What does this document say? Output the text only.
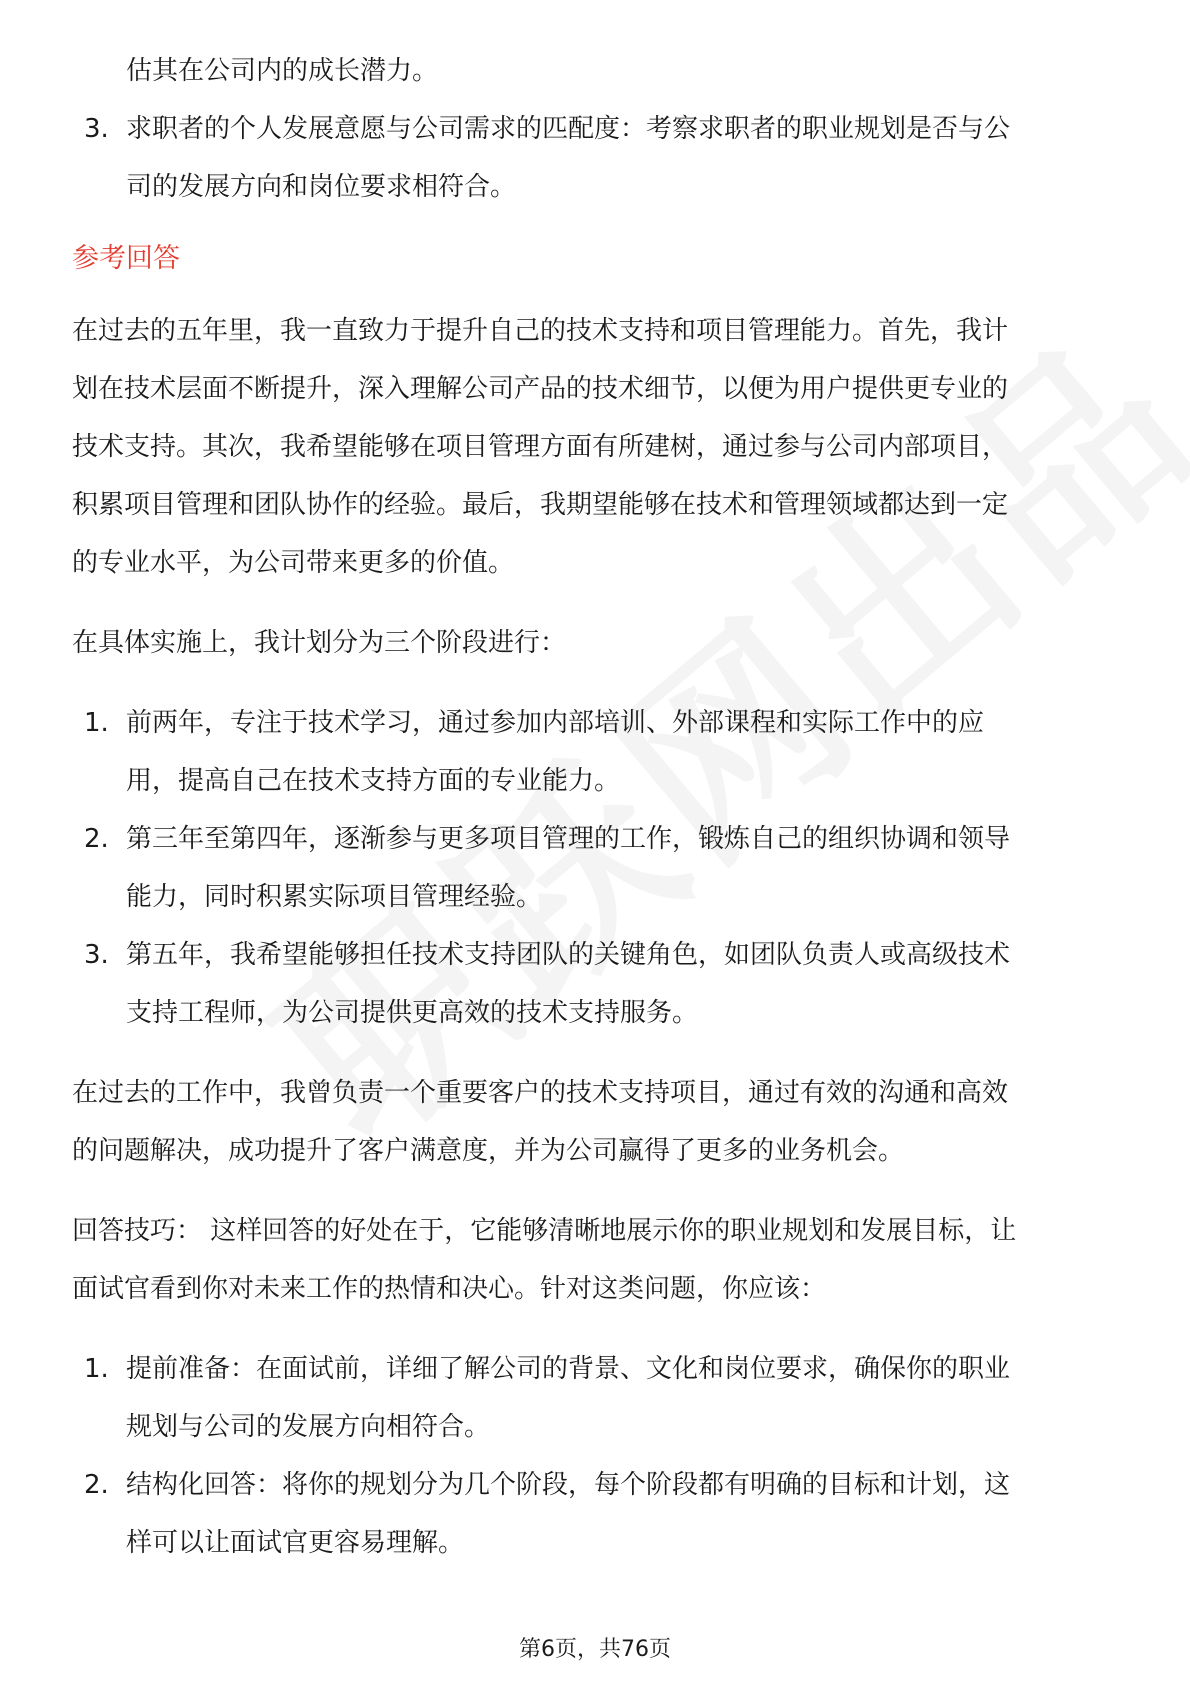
估其在公司内的成长潜力。

3. 求职者的个人发展意愿与公司需求的匹配度：考察求职者的职业规划是否与公

司的发展方向和岗位要求相符合。

参考回答

在过去的五年里，我一直致力于提升自己的技术支持和项目管理能力。首先，我计

划在技术层面不断提升，深入理解公司产品的技术细节，以便为用户提供更专业的

技术支持。其次，我希望能够在项目管理方面有所建树，通过参与公司内部项目，

积累项目管理和团队协作的经验。最后，我期望能够在技术和管理领域都达到一定

的专业水平，为公司带来更多的价值。

在具体实施上，我计划分为三个阶段进行：

1. 前两年，专注于技术学习，通过参加内部培训、外部课程和实际工作中的应

用，提高自己在技术支持方面的专业能力。

2. 第三年至第四年，逐渐参与更多项目管理的工作，锻炼自己的组织协调和领导

能力，同时积累实际项目管理经验。

3. 第五年，我希望能够担任技术支持团队的关键角色，如团队负责人或高级技术

支持工程师，为公司提供更高效的技术支持服务。

在过去的工作中，我曾负责一个重要客户的技术支持项目，通过有效的沟通和高效

的问题解决，成功提升了客户满意度，并为公司赢得了更多的业务机会。

回答技巧： 这样回答的好处在于，它能够清晰地展示你的职业规划和发展目标，让

面试官看到你对未来工作的热情和决心。针对这类问题，你应该：

1. 提前准备：在面试前，详细了解公司的背景、文化和岗位要求，确保你的职业

规划与公司的发展方向相符合。

2. 结构化回答：将你的规划分为几个阶段，每个阶段都有明确的目标和计划，这

样可以让面试官更容易理解。

第6页，共76页
